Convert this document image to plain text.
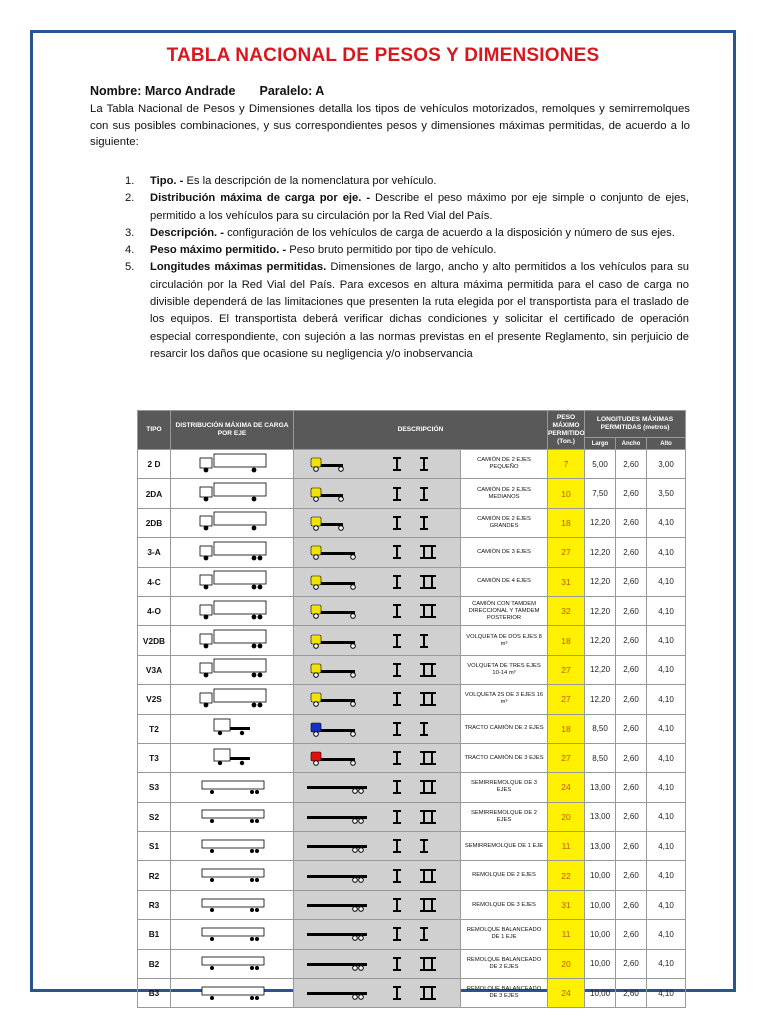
TABLA NACIONAL DE PESOS Y DIMENSIONES
Nombre: Marco Andrade Paralelo: A
La Tabla Nacional de Pesos y Dimensiones detalla los tipos de vehículos motorizados, remolques y semirremolques con sus posibles combinaciones, y sus correspondientes pesos y dimensiones máximas permitidas, de acuerdo a lo siguiente:
1. Tipo. - Es la descripción de la nomenclatura por vehículo.
2. Distribución máxima de carga por eje. - Describe el peso máximo por eje simple o conjunto de ejes, permitido a los vehículos para su circulación por la Red Vial del País.
3. Descripción. - configuración de los vehículos de carga de acuerdo a la disposición y número de sus ejes.
4. Peso máximo permitido. - Peso bruto permitido por tipo de vehículo.
5. Longitudes máximas permitidas. Dimensiones de largo, ancho y alto permitidos a los vehículos para su circulación por la Red Vial del País. Para excesos en altura máxima permitida para el caso de carga no divisible dependerá de las limitaciones que presenten la ruta elegida por el transportista para el traslado de los equipos. El transportista deberá verificar dichas condiciones y solicitar el certificado de operación especial correspondiente, con sujeción a las normas previstas en el presente Reglamento, sin perjuicio de resarcir los daños que ocasione su negligencia y/o inobservancia
TIPO	DISTRIBUCIÓN MÁXIMA DE CARGA POR EJE	DESCRIPCIÓN		PESO MÁXIMO PERMITIDO (Ton.)	LONGITUDES MÁXIMAS PERMITIDAS (metros)		
					Largo	Ancho	Alto
2 D			CAMIÓN DE 2 EJES PEQUEÑO	7	5,00	2,60	3,00
2DA			CAMIÓN DE 2 EJES MEDIANOS	10	7,50	2,60	3,50
2DB			CAMIÓN DE 2 EJES GRANDES	18	12,20	2,60	4,10
3-A			CAMIÓN DE 3 EJES	27	12,20	2,60	4,10
4-C			CAMIÓN DE 4 EJES	31	12,20	2,60	4,10
4-O			CAMIÓN CON TAMDEM DIRECCIONAL Y TAMDEM POSTERIOR	32	12,20	2,60	4,10
V2DB			VOLQUETA DE DOS EJES 8 m³	18	12,20	2,60	4,10
V3A			VOLQUETA DE TRES EJES 10-14 m³	27	12,20	2,60	4,10
V2S			VOLQUETA 2S DE 3 EJES 16 m³	27	12,20	2,60	4,10
T2			TRACTO CAMIÓN DE 2 EJES	18	8,50	2,60	4,10
T3			TRACTO CAMIÓN DE 3 EJES	27	8,50	2,60	4,10
S3			SEMIRREMOLQUE DE 3 EJES	24	13,00	2,60	4,10
S2			SEMIRREMOLQUE DE 2 EJES	20	13,00	2,60	4,10
S1			SEMIRREMOLQUE DE 1 EJE	11	13,00	2,60	4,10
R2			REMOLQUE DE 2 EJES	22	10,00	2,60	4,10
R3			REMOLQUE DE 3 EJES	31	10,00	2,60	4,10
B1			REMOLQUE BALANCEADO DE 1 EJE	11	10,00	2,60	4,10
B2			REMOLQUE BALANCEADO DE 2 EJES	20	10,00	2,60	4,10
B3			REMOLQUE BALANCEADO DE 3 EJES	24	10,00	2,60	4,10
